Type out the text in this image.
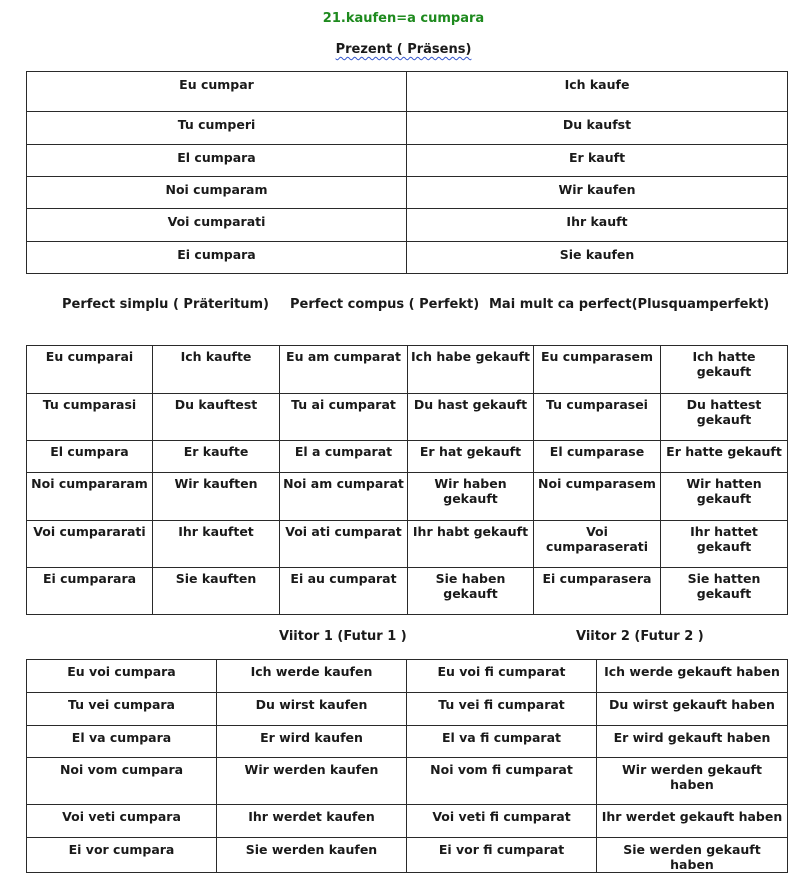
21.kaufen=a cumpara
Prezent ( Präsens)
Eu cumpar	Ich kaufe
Tu cumperi	Du kaufst
El cumpara	Er kauft
Noi cumparam	Wir kaufen
Voi cumparati	Ihr kauft
Ei cumpara	Sie kaufen
Perfect simplu ( Präteritum) Perfect compus ( Perfekt) Mai mult ca perfect(Plusquamperfekt)
Eu cumparai	Ich kaufte	Eu am cumparat	Ich habe gekauft	Eu cumparasem	Ich hatte gekauft
Tu cumparasi	Du kauftest	Tu ai cumparat	Du hast gekauft	Tu cumparasei	Du hattest gekauft
El cumpara	Er kaufte	El a cumparat	Er hat gekauft	El cumparase	Er hatte gekauft
Noi cumpararam	Wir kauften	Noi am cumparat	Wir haben gekauft	Noi cumparasem	Wir hatten gekauft
Voi cumpararati	Ihr kauftet	Voi ati cumparat	Ihr habt gekauft	Voi cumparaserati	Ihr hattet gekauft
Ei cumparara	Sie kauften	Ei au cumparat	Sie haben gekauft	Ei cumparasera	Sie hatten gekauft
Viitor 1 (Futur 1 )	Viitor 2 (Futur 2 )
Eu voi cumpara	Ich werde kaufen	Eu voi fi cumparat	Ich werde gekauft haben
Tu vei cumpara	Du wirst kaufen	Tu vei fi cumparat	Du wirst gekauft haben
El va cumpara	Er wird kaufen	El va fi cumparat	Er wird gekauft haben
Noi vom cumpara	Wir werden kaufen	Noi vom fi cumparat	Wir werden gekauft haben
Voi veti cumpara	Ihr werdet kaufen	Voi veti fi cumparat	Ihr werdet gekauft haben
Ei vor cumpara	Sie werden kaufen	Ei vor fi cumparat	Sie werden gekauft haben
